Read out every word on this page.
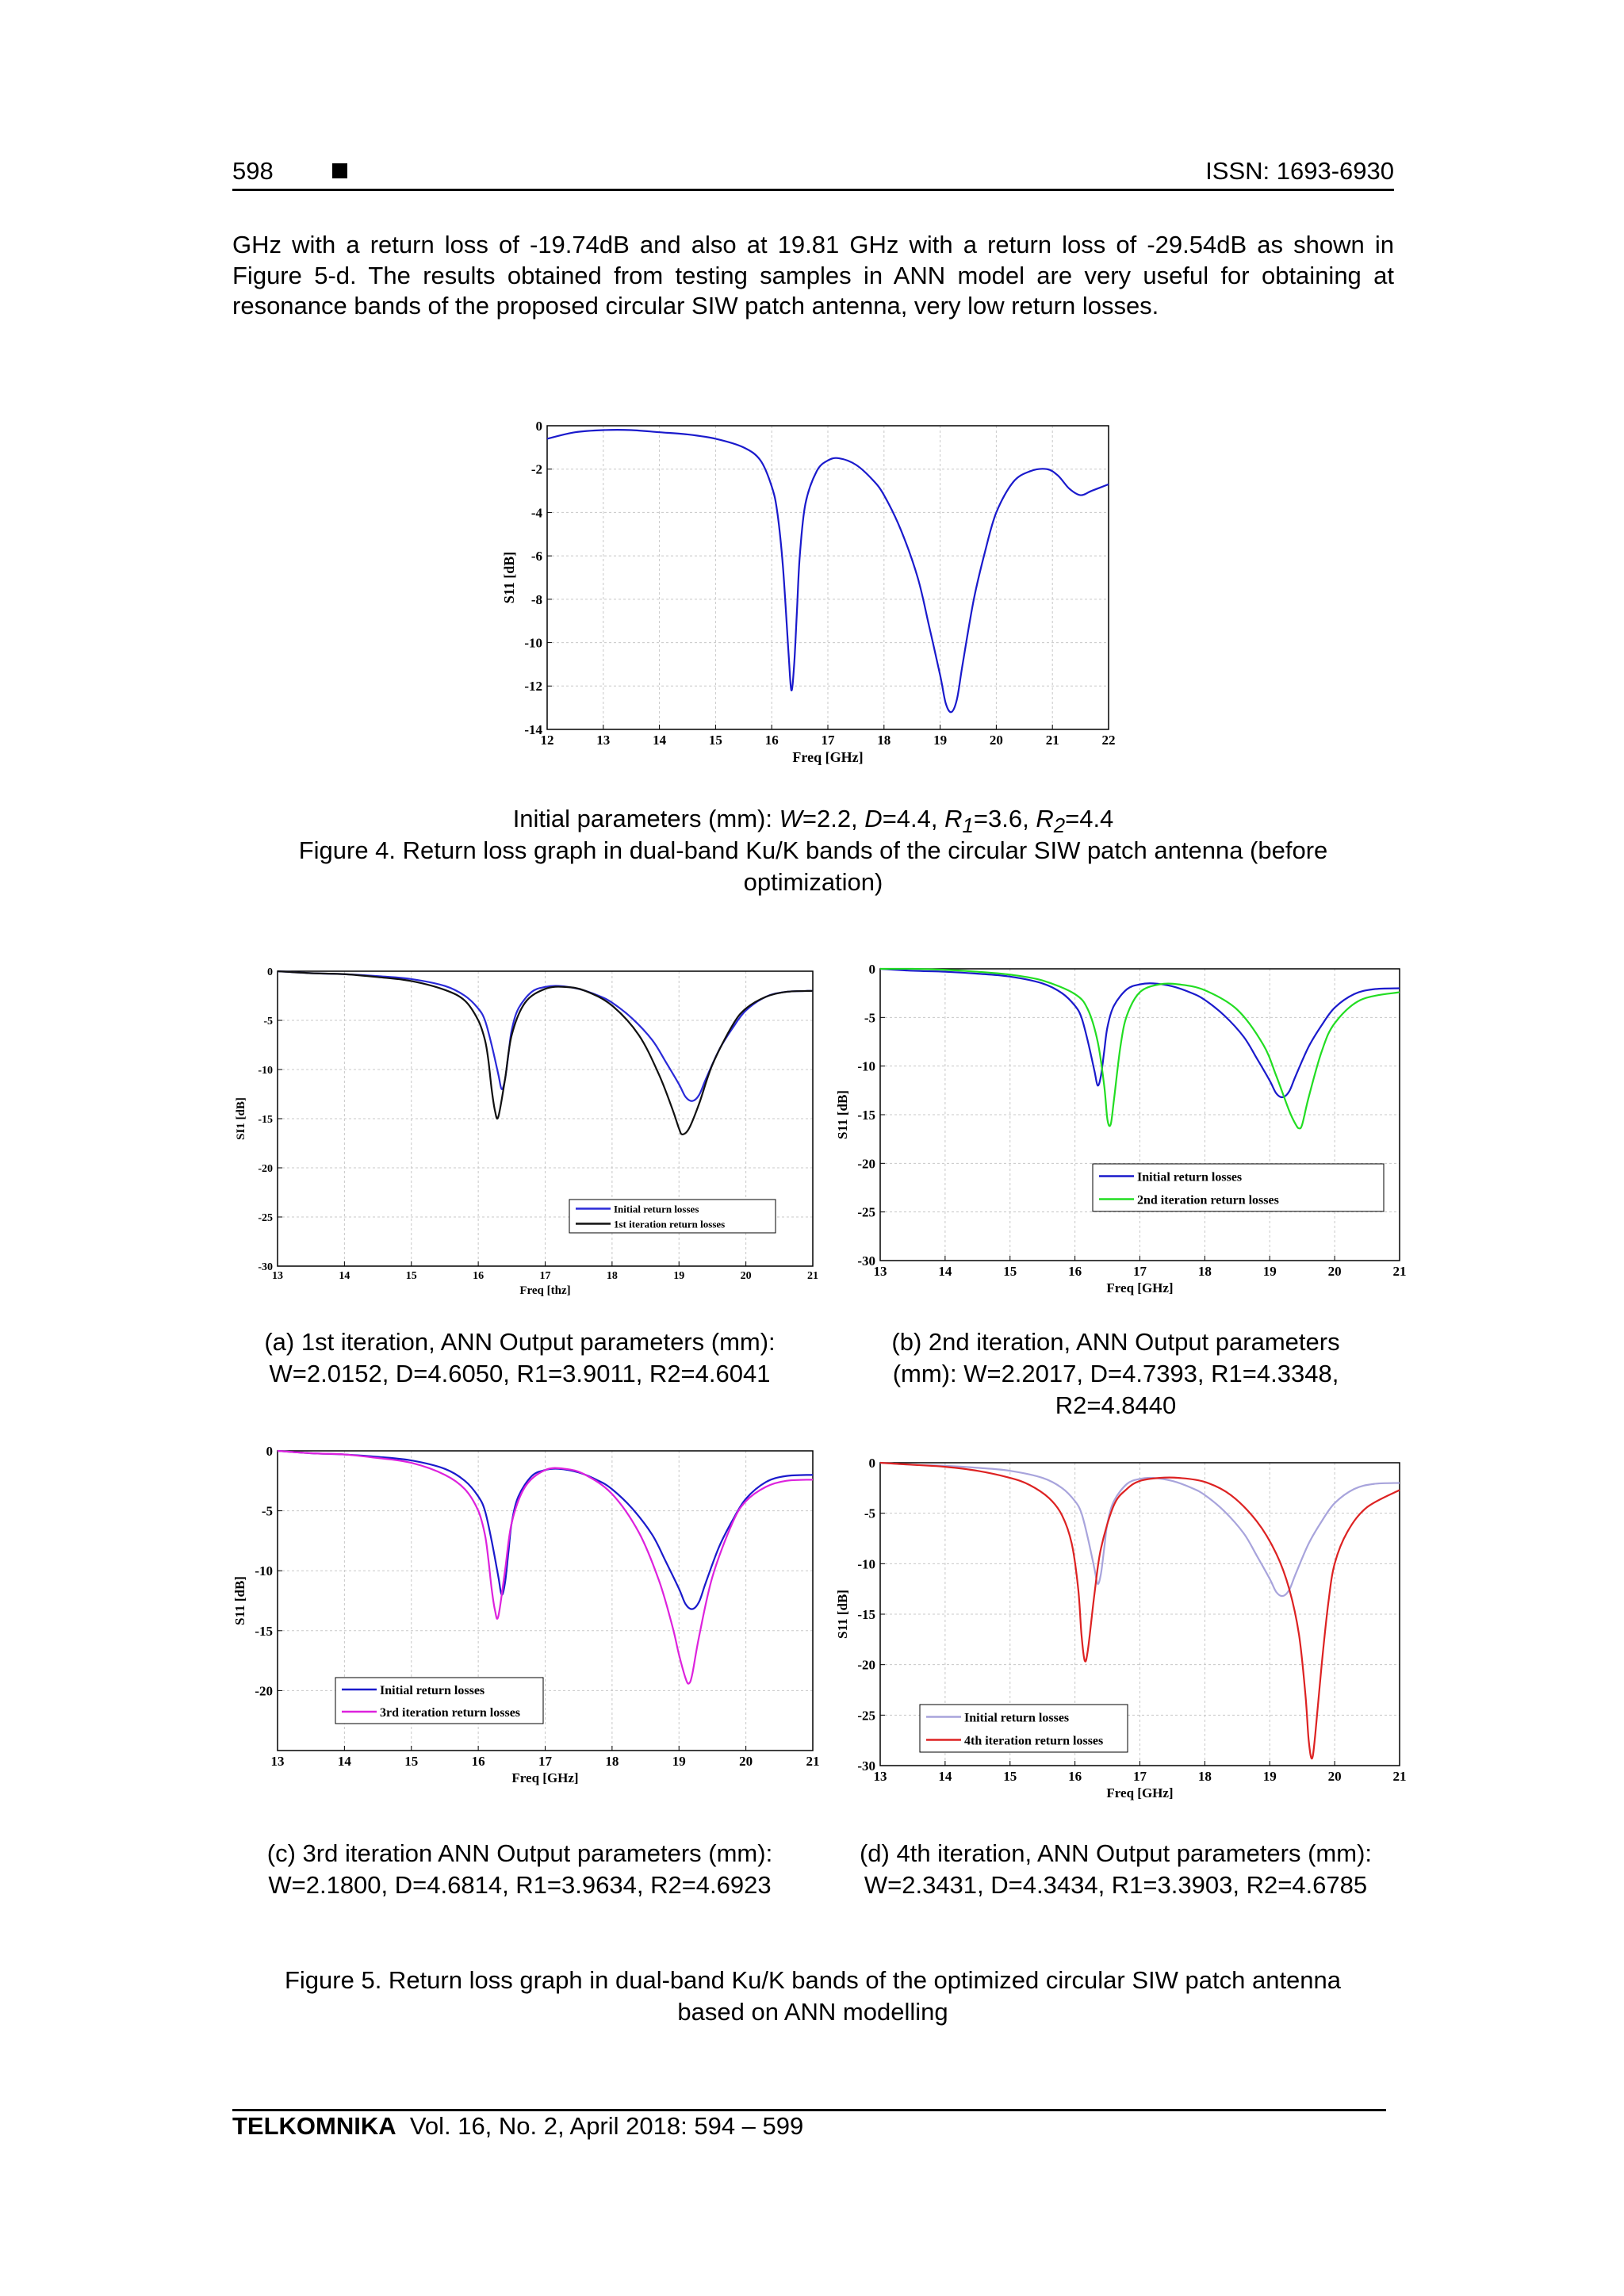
598	ISSN: 1693-6930
GHz with a return loss of -19.74dB and also at 19.81 GHz with a return loss of -29.54dB as shown in Figure 5-d. The results obtained from testing samples in ANN model are very useful for obtaining at resonance bands of the proposed circular SIW patch antenna, very low return losses.
12	13	14	15	16	17	18	19	20	21	22
0
-2
-4
-6
-8
-10
-12
-14
Freq [GHz]
S11 [dB]
Initial parameters (mm): W=2.2, D=4.4, $R_1=3.6$, $R_2=4.4$
Figure 4. Return loss graph in dual-band Ku/K bands of the circular SIW patch antenna (before optimization)
13	14	15	16	17	18	19	20	21
0
-5
-10
-15
-20
-25
-30
Freq [thz]
SI1 [dB]
Initial return losses
1st iteration return losses
13	14	15	16	17	18	19	20	21
0
-5
-10
-15
-20
-25
-30
Freq [GHz]
S11 [dB]
Initial return losses
2nd iteration return losses
(a) 1st iteration, ANN Output parameters (mm): W=2.0152, D=4.6050, R1=3.9011, R2=4.6041
(b) 2nd iteration, ANN Output parameters (mm): W=2.2017, D=4.7393, R1=4.3348, R2=4.8440
13	14	15	16	17	18	19	20	21
0
-5
-10
-15
-20
Freq [GHz]
S11 [dB]
Initial return losses
3rd iteration return losses
13	14	15	16	17	18	19	20	21
0
-5
-10
-15
-20
-25
-30
Freq [GHz]
S11 [dB]
Initial return losses
4th iteration return losses
(c) 3rd iteration ANN Output parameters (mm): W=2.1800, D=4.6814, R1=3.9634, R2=4.6923
(d) 4th iteration, ANN Output parameters (mm): W=2.3431, D=4.3434, R1=3.3903, R2=4.6785
Figure 5. Return loss graph in dual-band Ku/K bands of the optimized circular SIW patch antenna based on ANN modelling
TELKOMNIKA  Vol. 16, No. 2, April 2018: 594 – 599
